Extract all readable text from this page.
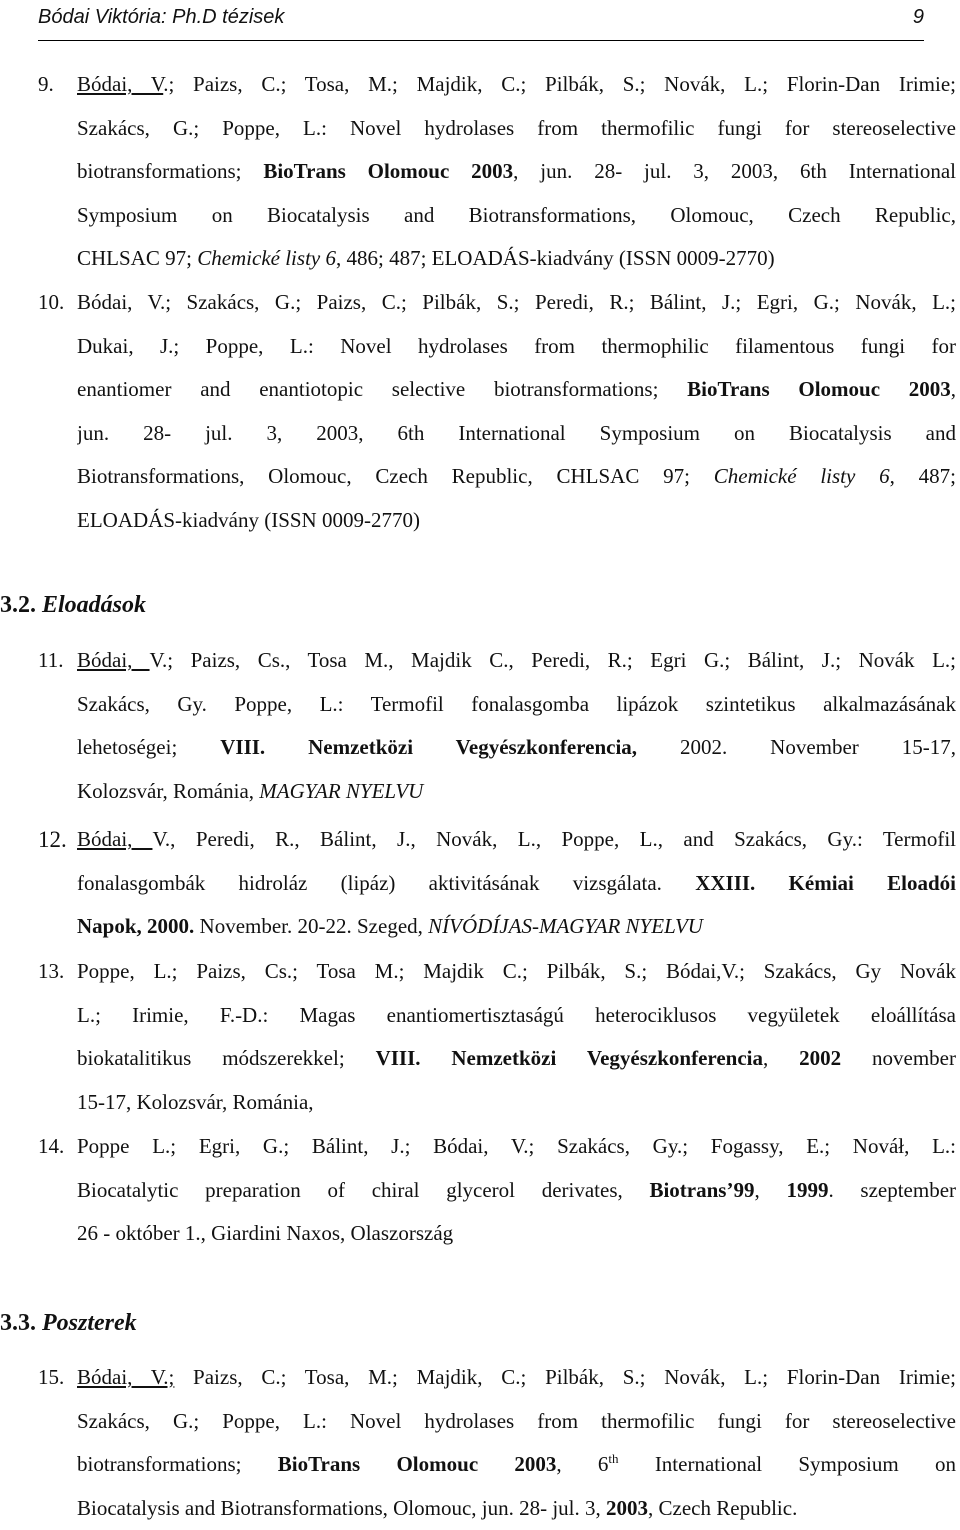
Bódai Viktória: Ph.D tézisek	9
9. Bódai, V.; Paizs, C.; Tosa, M.; Majdik, C.; Pilbák, S.; Novák, L.; Florin-Dan Irimie;
Szakács, G.; Poppe, L.: Novel hydrolases from thermofilic fungi for stereoselective
biotransformations; BioTrans Olomouc 2003, jun. 28- jul. 3, 2003, 6th International
Symposium on Biocatalysis and Biotransformations, Olomouc, Czech Republic,
CHLSAC 97; Chemické listy 6, 486; 487; ELOADÁS-kiadvány (ISSN 0009-2770)
10. Bódai, V.; Szakács, G.; Paizs, C.; Pilbák, S.; Peredi, R.; Bálint, J.; Egri, G.; Novák, L.;
Dukai, J.; Poppe, L.: Novel hydrolases from thermophilic filamentous fungi for
enantiomer and enantiotopic selective biotransformations; BioTrans Olomouc 2003,
jun. 28- jul. 3, 2003, 6th International Symposium on Biocatalysis and
Biotransformations, Olomouc, Czech Republic, CHLSAC 97; Chemické listy 6, 487;
ELOADÁS-kiadvány (ISSN 0009-2770)
3.2. Eloadások
11. Bódai, V.; Paizs, Cs., Tosa M., Majdik C., Peredi, R.; Egri G.; Bálint, J.; Novák L.;
Szakács, Gy. Poppe, L.: Termofil fonalasgomba lipázok szintetikus alkalmazásának
lehetoségei; VIII. Nemzetközi Vegyészkonferencia, 2002. November 15-17,
Kolozsvár, Románia, MAGYAR NYELVU
12. Bódai, V., Peredi, R., Bálint, J., Novák, L., Poppe, L., and Szakács, Gy.: Termofil
fonalasgombák hidroláz (lipáz) aktivitásának vizsgálata. XXIII. Kémiai Eloadói
Napok, 2000. November. 20-22. Szeged, NÍVÓDÍJAS-MAGYAR NYELVU
13. Poppe, L.; Paizs, Cs.; Tosa M.; Majdik C.; Pilbák, S.; Bódai,V.; Szakács, Gy Novák
L.; Irimie, F.-D.: Magas enantiomertisztaságú heterociklusos vegyületek eloállítása
biokatalitikus módszerekkel; VIII. Nemzetközi Vegyészkonferencia, 2002 november
15-17, Kolozsvár, Románia,
14. Poppe L.; Egri, G.; Bálint, J.; Bódai, V.; Szakács, Gy.; Fogassy, E.; Nováł, L.:
Biocatalytic preparation of chiral glycerol derivates, Biotrans’99, 1999. szeptember
26 - október 1., Giardini Naxos, Olaszország
3.3. Poszterek
15. Bódai, V.; Paizs, C.; Tosa, M.; Majdik, C.; Pilbák, S.; Novák, L.; Florin-Dan Irimie;
Szakács, G.; Poppe, L.: Novel hydrolases from thermofilic fungi for stereoselective
biotransformations; BioTrans Olomouc 2003, 6th International Symposium on
Biocatalysis and Biotransformations, Olomouc, jun. 28- jul. 3, 2003, Czech Republic.
